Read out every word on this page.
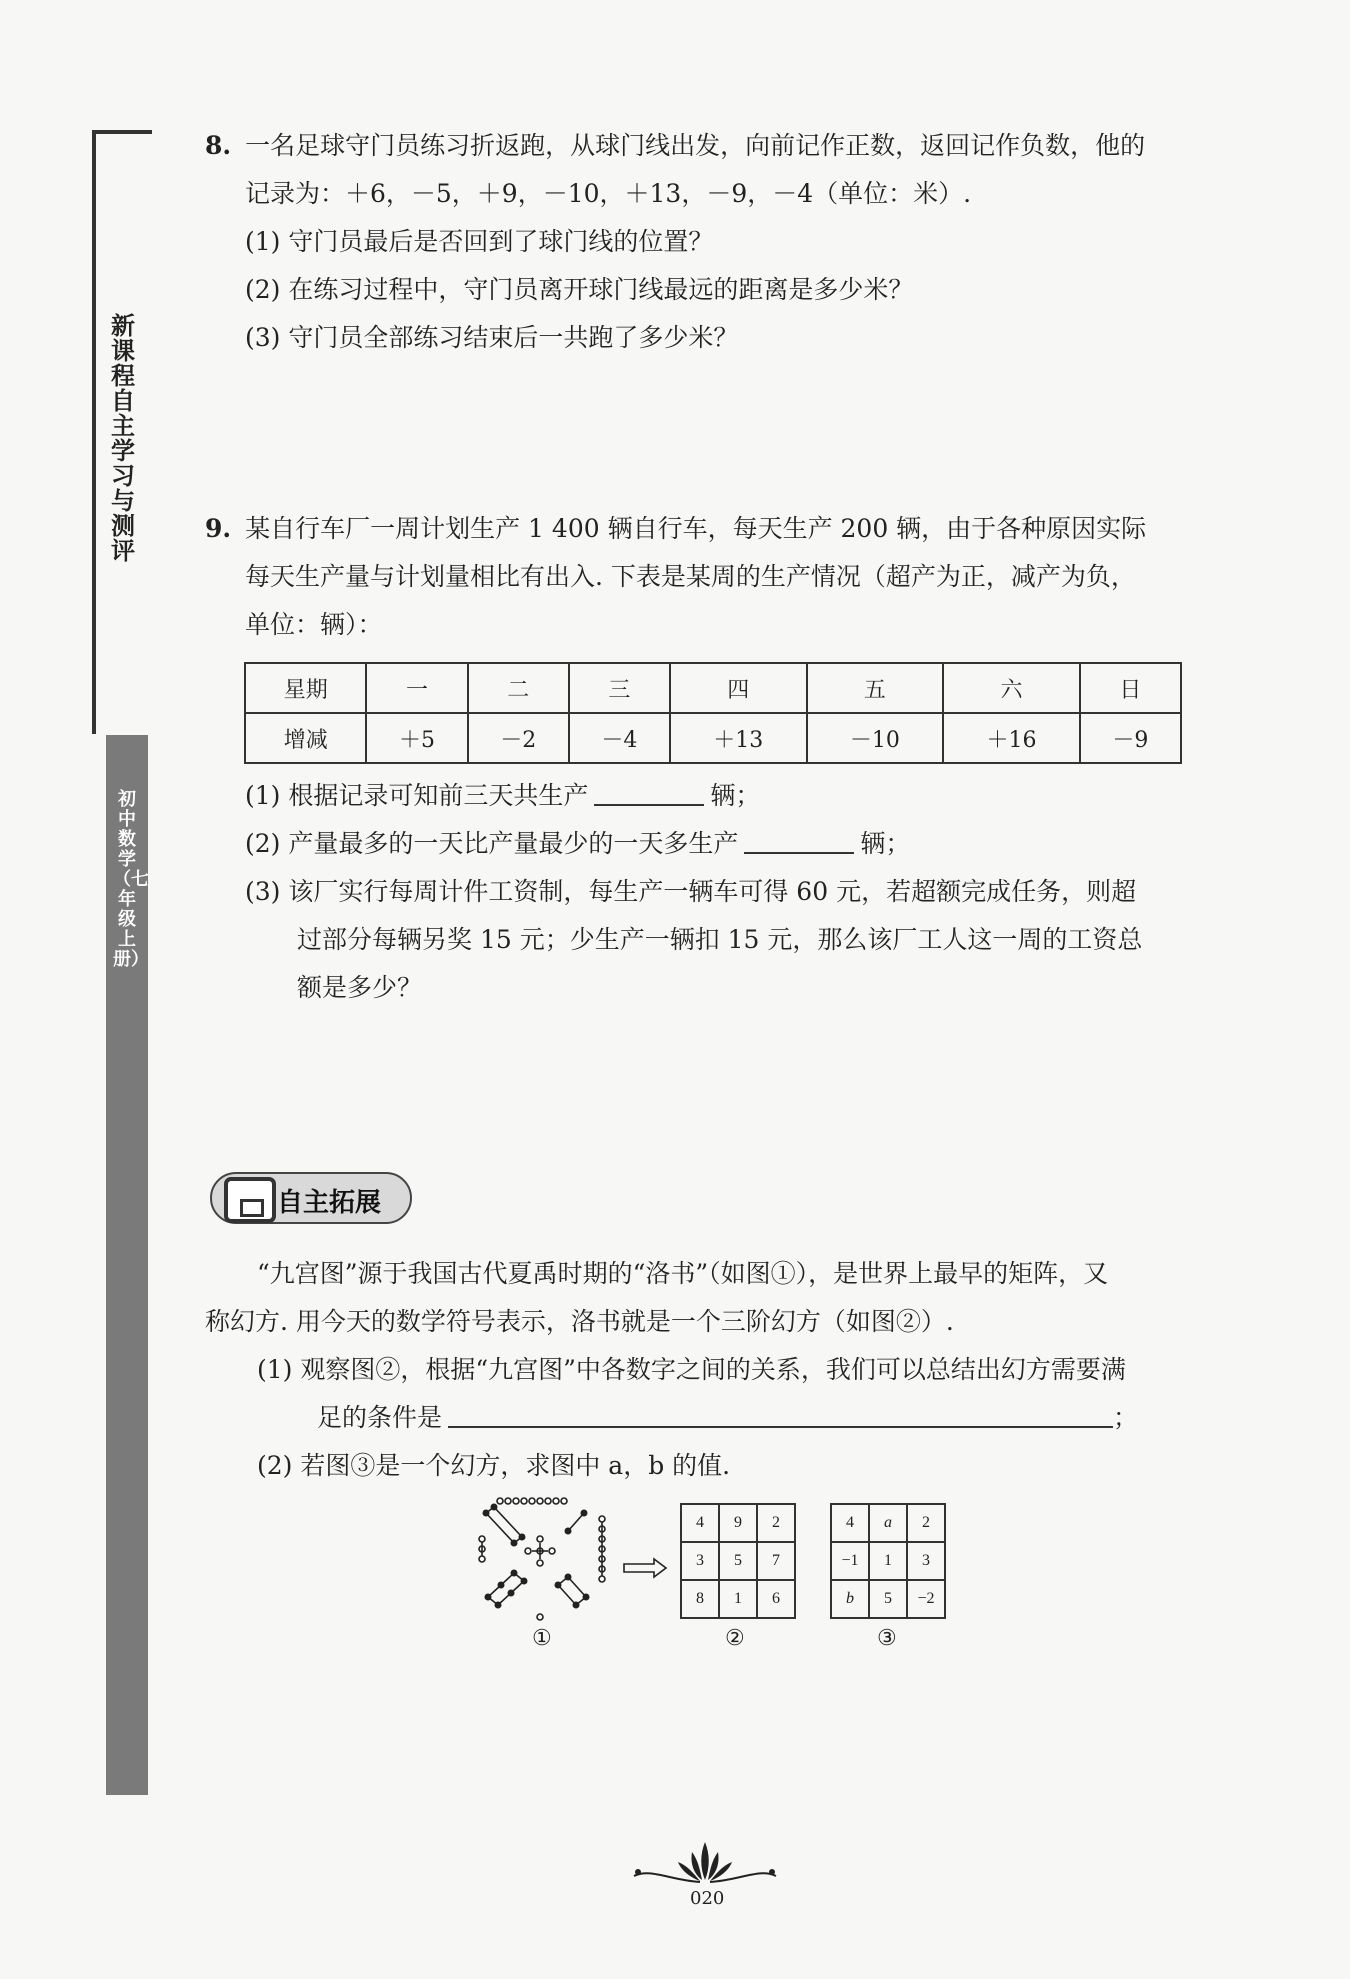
新课程自主学习与测评
初中数学（七年级上册）
8. 一名足球守门员练习折返跑，从球门线出发，向前记作正数，返回记作负数，他的
记录为：＋6，－5，＋9，－10，＋13，－9，－4（单位：米）.
(1) 守门员最后是否回到了球门线的位置？
(2) 在练习过程中，守门员离开球门线最远的距离是多少米？
(3) 守门员全部练习结束后一共跑了多少米？
9. 某自行车厂一周计划生产 1 400 辆自行车，每天生产 200 辆，由于各种原因实际
每天生产量与计划量相比有出入. 下表是某周的生产情况（超产为正，减产为负，
单位：辆）：
星期	一	二	三	四	五	六	日
增减	＋5	－2	－4	＋13	－10	＋16	－9
(1) 根据记录可知前三天共生产	辆；
(2) 产量最多的一天比产量最少的一天多生产	辆；
(3) 该厂实行每周计件工资制，每生产一辆车可得 60 元，若超额完成任务，则超
过部分每辆另奖 15 元；少生产一辆扣 15 元，那么该厂工人这一周的工资总
额是多少？
自主拓展
“九宫图”源于我国古代夏禹时期的“洛书”（如图①），是世界上最早的矩阵，又
称幻方. 用今天的数学符号表示，洛书就是一个三阶幻方（如图②）.
(1) 观察图②，根据“九宫图”中各数字之间的关系，我们可以总结出幻方需要满
足的条件是	；
(2) 若图③是一个幻方，求图中 a，b 的值.
4	9	2
3	5	7
8	1	6
4	a	2
−1	1	3
b	5	−2
①	②	③
020
